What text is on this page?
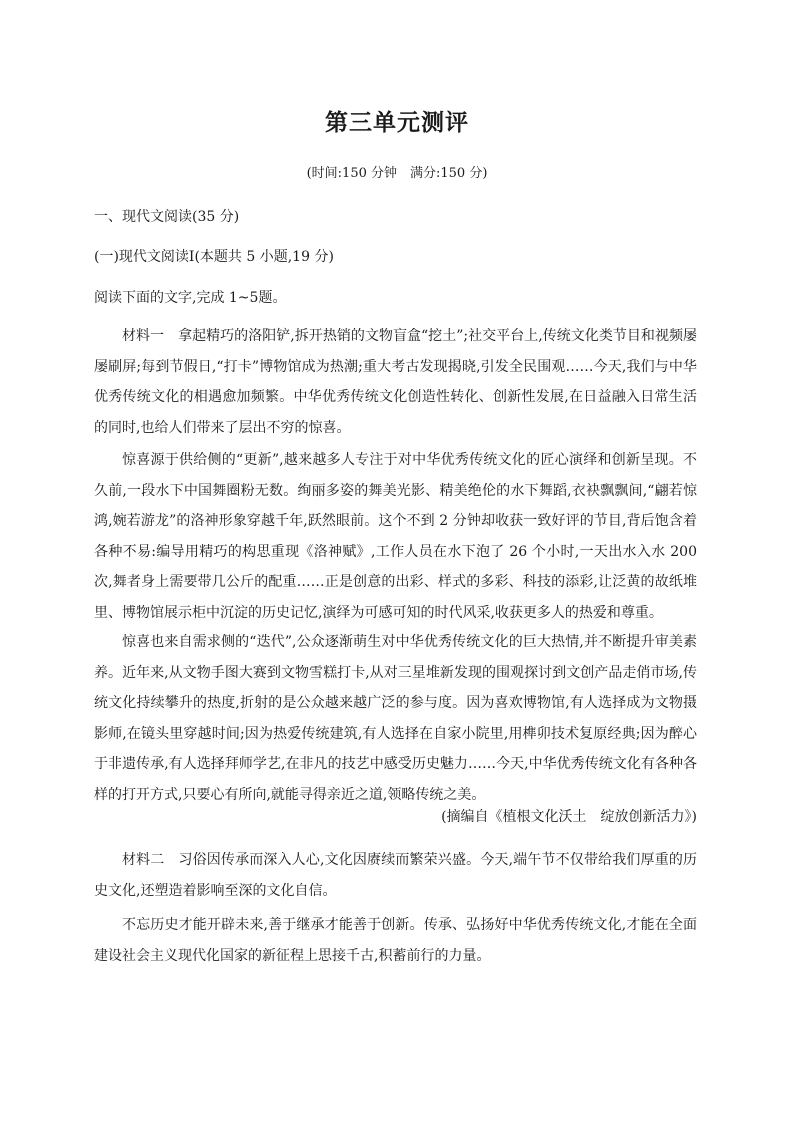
第三单元测评

(时间:150 分钟　满分:150 分)

一、现代文阅读(35 分)

(一)现代文阅读Ⅰ(本题共 5 小题,19 分)

阅读下面的文字,完成 1~5题。

材料一 拿起精巧的洛阳铲,拆开热销的文物盲盒“挖土”;社交平台上,传统文化类节目和视频屡屡刷屏;每到节假日,“打卡”博物馆成为热潮;重大考古发现揭晓,引发全民围观……今天,我们与中华优秀传统文化的相遇愈加频繁。中华优秀传统文化创造性转化、创新性发展,在日益融入日常生活的同时,也给人们带来了层出不穷的惊喜。

惊喜源于供给侧的“更新”,越来越多人专注于对中华优秀传统文化的匠心演绎和创新呈现。不久前,一段水下中国舞圈粉无数。绚丽多姿的舞美光影、精美绝伦的水下舞蹈,衣袂飘飘间,“翩若惊鸿,婉若游龙”的洛神形象穿越千年,跃然眼前。这个不到 2 分钟却收获一致好评的节目,背后饱含着各种不易:编导用精巧的构思重现《洛神赋》,工作人员在水下泡了 26 个小时,一天出水入水 200 次,舞者身上需要带几公斤的配重……正是创意的出彩、样式的多彩、科技的添彩,让泛黄的故纸堆里、博物馆展示柜中沉淀的历史记忆,演绎为可感可知的时代风采,收获更多人的热爱和尊重。

惊喜也来自需求侧的“迭代”,公众逐渐萌生对中华优秀传统文化的巨大热情,并不断提升审美素养。近年来,从文物手图大赛到文物雪糕打卡,从对三星堆新发现的围观探讨到文创产品走俏市场,传统文化持续攀升的热度,折射的是公众越来越广泛的参与度。因为喜欢博物馆,有人选择成为文物摄影师,在镜头里穿越时间;因为热爱传统建筑,有人选择在自家小院里,用榫卯技术复原经典;因为醉心于非遗传承,有人选择拜师学艺,在非凡的技艺中感受历史魅力……今天,中华优秀传统文化有各种各样的打开方式,只要心有所向,就能寻得亲近之道,领略传统之美。

(摘编自《植根文化沃土　绽放创新活力》)

材料二 习俗因传承而深入人心,文化因赓续而繁荣兴盛。今天,端午节不仅带给我们厚重的历史文化,还塑造着影响至深的文化自信。

不忘历史才能开辟未来,善于继承才能善于创新。传承、弘扬好中华优秀传统文化,才能在全面建设社会主义现代化国家的新征程上思接千古,积蓄前行的力量。
